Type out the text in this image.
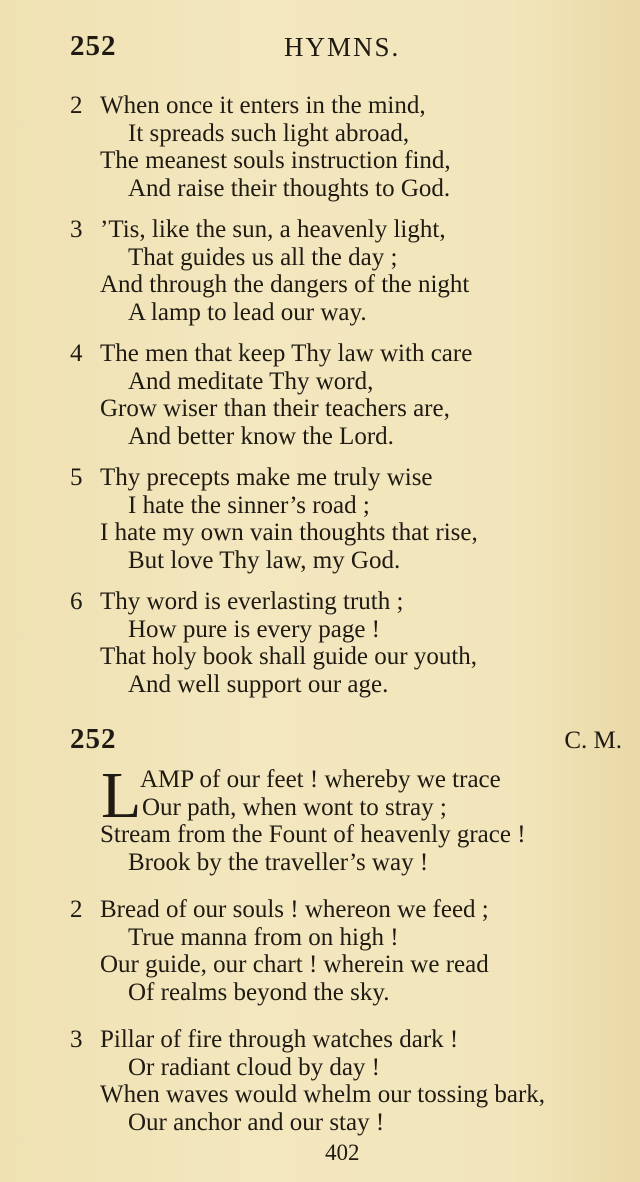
252	HYMNS.
2 When once it enters in the mind,
It spreads such light abroad,
The meanest souls instruction find,
And raise their thoughts to God.
3 ’Tis, like the sun, a heavenly light,
That guides us all the day ;
And through the dangers of the night
A lamp to lead our way.
4 The men that keep Thy law with care
And meditate Thy word,
Grow wiser than their teachers are,
And better know the Lord.
5 Thy precepts make me truly wise
I hate the sinner’s road ;
I hate my own vain thoughts that rise,
But love Thy law, my God.
6 Thy word is everlasting truth ;
How pure is every page !
That holy book shall guide our youth,
And well support our age.
252	C. M.
L
AMP of our feet ! whereby we trace
Our path, when wont to stray ;
Stream from the Fount of heavenly grace !
Brook by the traveller’s way !
2 Bread of our souls ! whereon we feed ;
True manna from on high !
Our guide, our chart ! wherein we read
Of realms beyond the sky.
3 Pillar of fire through watches dark !
Or radiant cloud by day !
When waves would whelm our tossing bark,
Our anchor and our stay !
402
